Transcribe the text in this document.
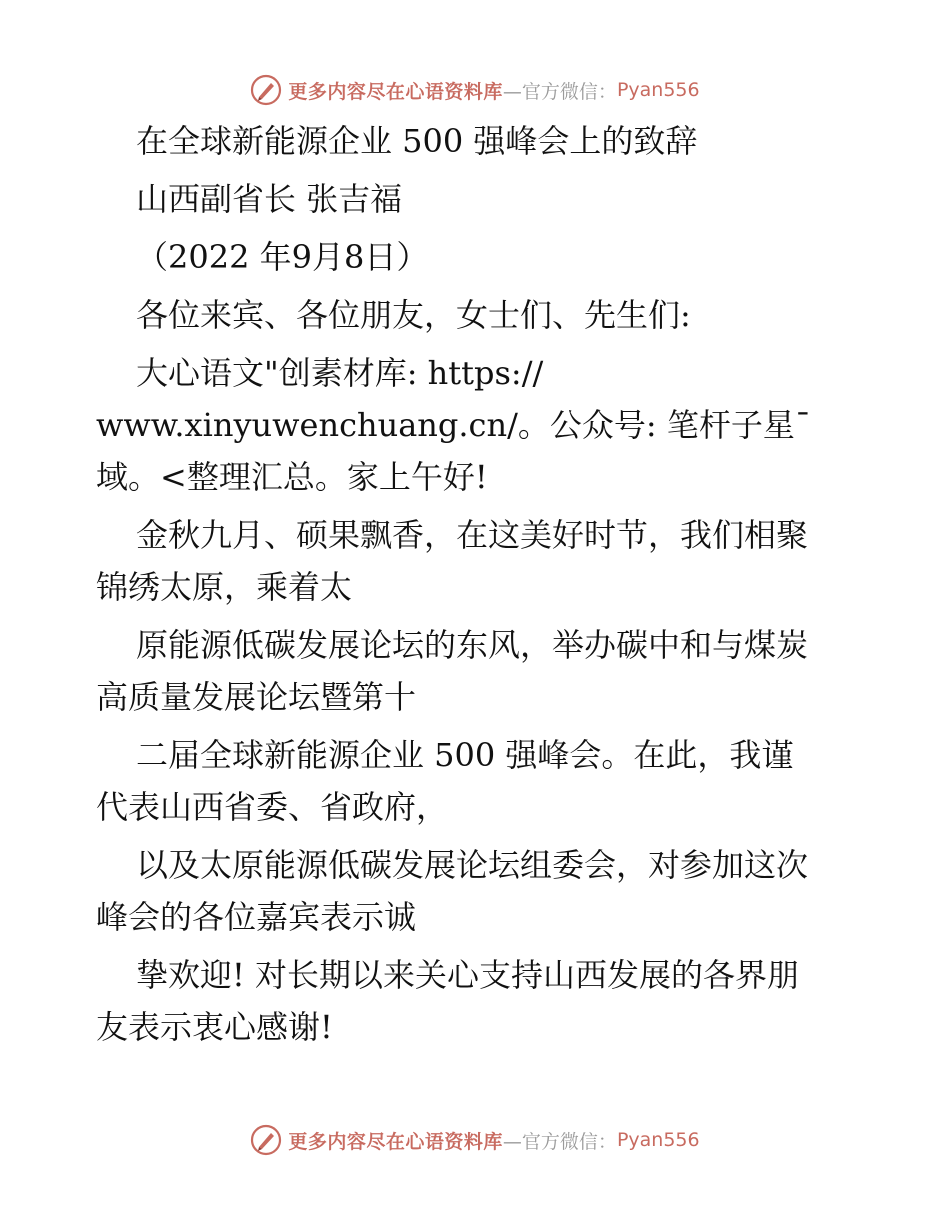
更多内容尽在心语资料库 —官方微信： Pyan556
在全球新能源企业 500 强峰会上的致辞
山西副省长 张吉福
（2022 年9月8日）
各位来宾、各位朋友，女士们、先生们:
大心语文"创素材库: https://
www.xinyuwenchuang.cn/。公众号: 笔杆子星¯
域。<整理汇总。家上午好!
金秋九月、硕果飘香，在这美好时节，我们相聚
锦绣太原，乘着太
原能源低碳发展论坛的东风，举办碳中和与煤炭
高质量发展论坛暨第十
二届全球新能源企业 500 强峰会。在此，我谨
代表山西省委、省政府，
以及太原能源低碳发展论坛组委会，对参加这次
峰会的各位嘉宾表示诚
挚欢迎! 对长期以来关心支持山西发展的各界朋
友表示衷心感谢!
更多内容尽在心语资料库 —官方微信： Pyan556
